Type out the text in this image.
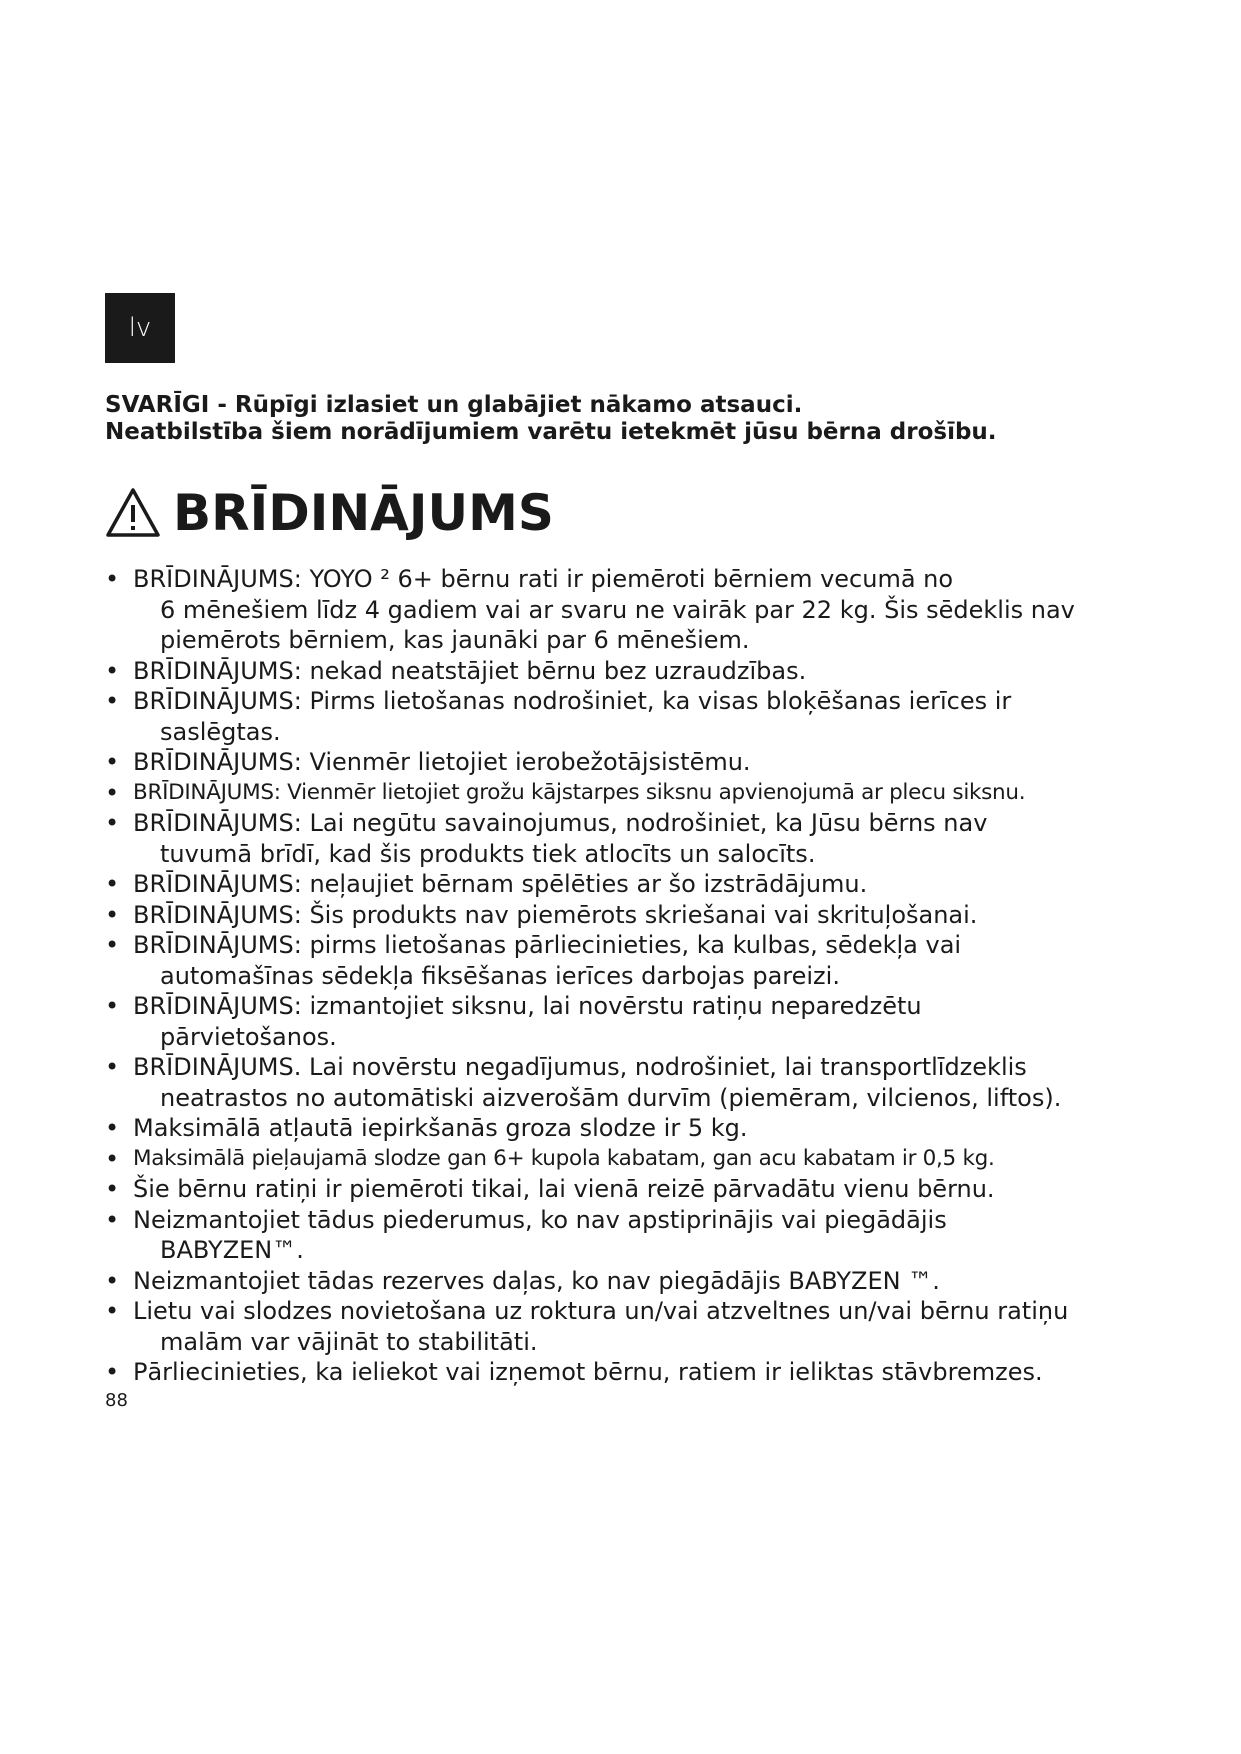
lv
SVARĪGI - Rūpīgi izlasiet un glabājiet nākamo atsauci.
Neatbilstība šiem norādījumiem varētu ietekmēt jūsu bērna drošību.
BRĪDINĀJUMS
• BRĪDINĀJUMS: YOYO ² 6+ bērnu rati ir piemēroti bērniem vecumā no
6 mēnešiem līdz 4 gadiem vai ar svaru ne vairāk par 22 kg. Šis sēdeklis nav
piemērots bērniem, kas jaunāki par 6 mēnešiem.
• BRĪDINĀJUMS: nekad neatstājiet bērnu bez uzraudzības.
• BRĪDINĀJUMS: Pirms lietošanas nodrošiniet, ka visas bloķēšanas ierīces ir
saslēgtas.
• BRĪDINĀJUMS: Vienmēr lietojiet ierobežotājsistēmu.
• BRĪDINĀJUMS: Vienmēr lietojiet grožu kājstarpes siksnu apvienojumā ar plecu siksnu.
• BRĪDINĀJUMS: Lai negūtu savainojumus, nodrošiniet, ka Jūsu bērns nav
tuvumā brīdī, kad šis produkts tiek atlocīts un salocīts.
• BRĪDINĀJUMS: neļaujiet bērnam spēlēties ar šo izstrādājumu.
• BRĪDINĀJUMS: Šis produkts nav piemērots skriešanai vai skrituļošanai.
• BRĪDINĀJUMS: pirms lietošanas pārliecinieties, ka kulbas, sēdekļa vai
automašīnas sēdekļa fiksēšanas ierīces darbojas pareizi.
• BRĪDINĀJUMS: izmantojiet siksnu, lai novērstu ratiņu neparedzētu
pārvietošanos.
• BRĪDINĀJUMS. Lai novērstu negadījumus, nodrošiniet, lai transportlīdzeklis
neatrastos no automātiski aizverošām durvīm (piemēram, vilcienos, liftos).
• Maksimālā atļautā iepirkšanās groza slodze ir 5 kg.
• Maksimālā pieļaujamā slodze gan 6+ kupola kabatam, gan acu kabatam ir 0,5 kg.
• Šie bērnu ratiņi ir piemēroti tikai, lai vienā reizē pārvadātu vienu bērnu.
• Neizmantojiet tādus piederumus, ko nav apstiprinājis vai piegādājis
BABYZEN™.
• Neizmantojiet tādas rezerves daļas, ko nav piegādājis BABYZEN ™.
• Lietu vai slodzes novietošana uz roktura un/vai atzveltnes un/vai bērnu ratiņu
malām var vājināt to stabilitāti.
• Pārliecinieties, ka ieliekot vai izņemot bērnu, ratiem ir ieliktas stāvbremzes.
88
